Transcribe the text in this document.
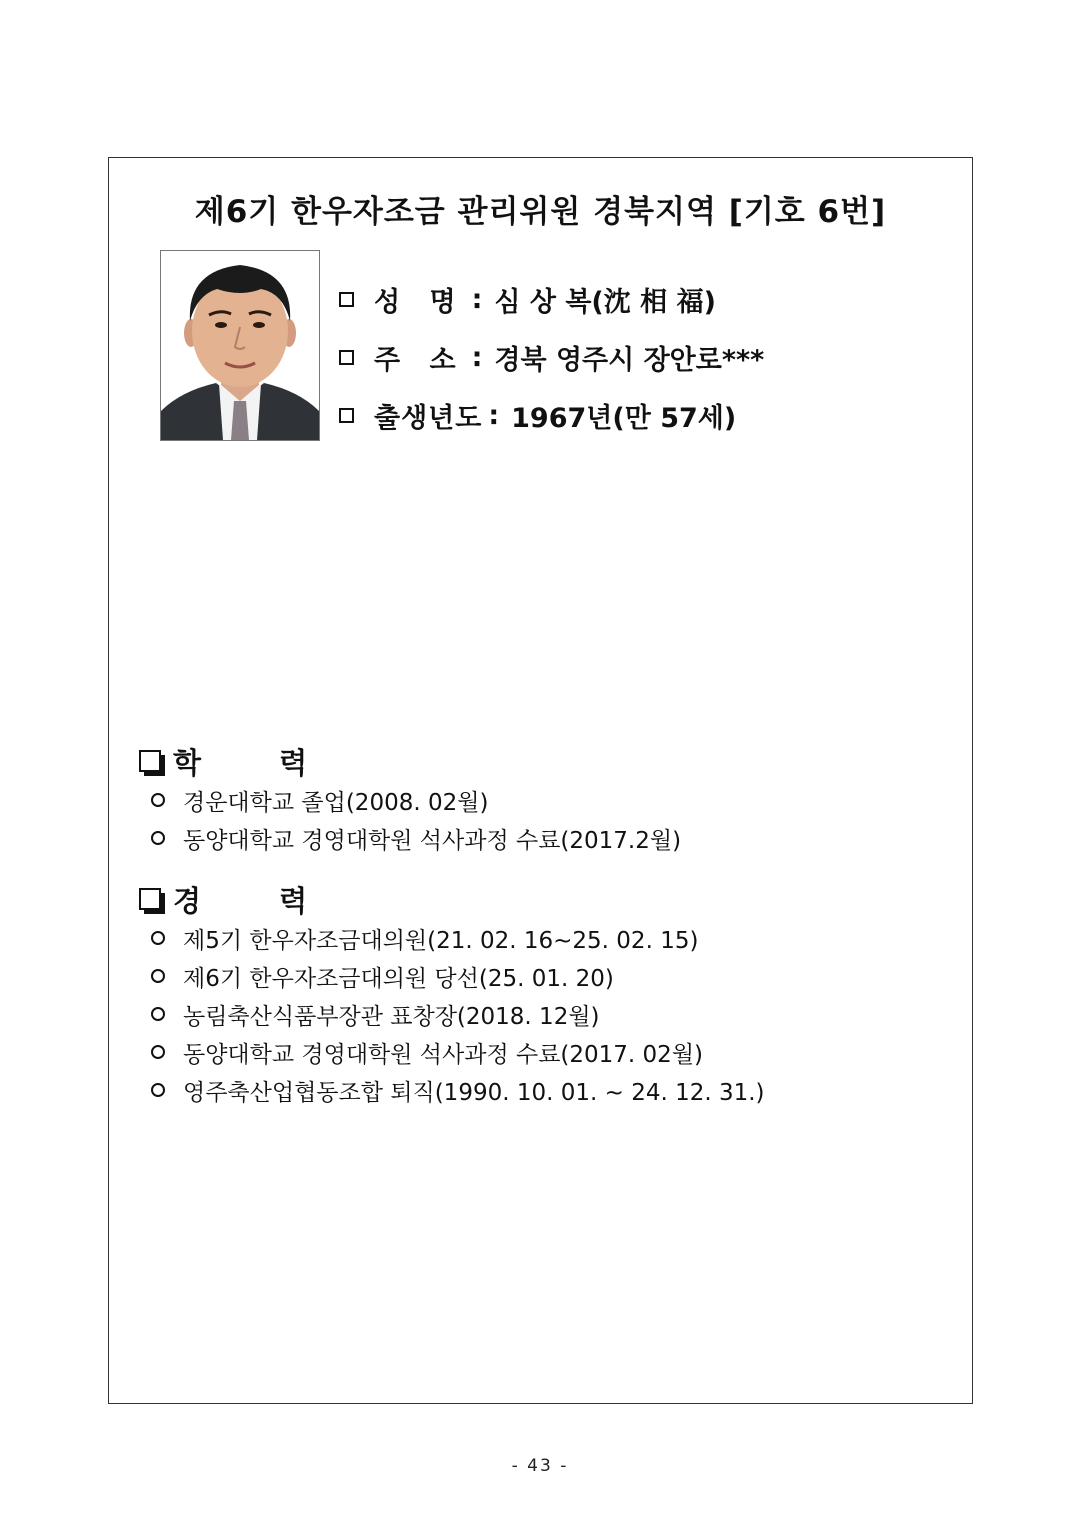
제6기 한우자조금 관리위원 경북지역 [기호 6번]
성 명 : 심 상 복(沈 相 福)
주 소 : 경북 영주시 장안로***
출생년도 : 1967년(만 57세)
학 력
경운대학교 졸업(2008. 02월)
동양대학교 경영대학원 석사과정 수료(2017.2월)
경 력
제5기 한우자조금대의원(21. 02. 16~25. 02. 15)
제6기 한우자조금대의원 당선(25. 01. 20)
농림축산식품부장관 표창장(2018. 12월)
동양대학교 경영대학원 석사과정 수료(2017. 02월)
영주축산업협동조합 퇴직(1990. 10. 01. ~ 24. 12. 31.)
- 43 -
